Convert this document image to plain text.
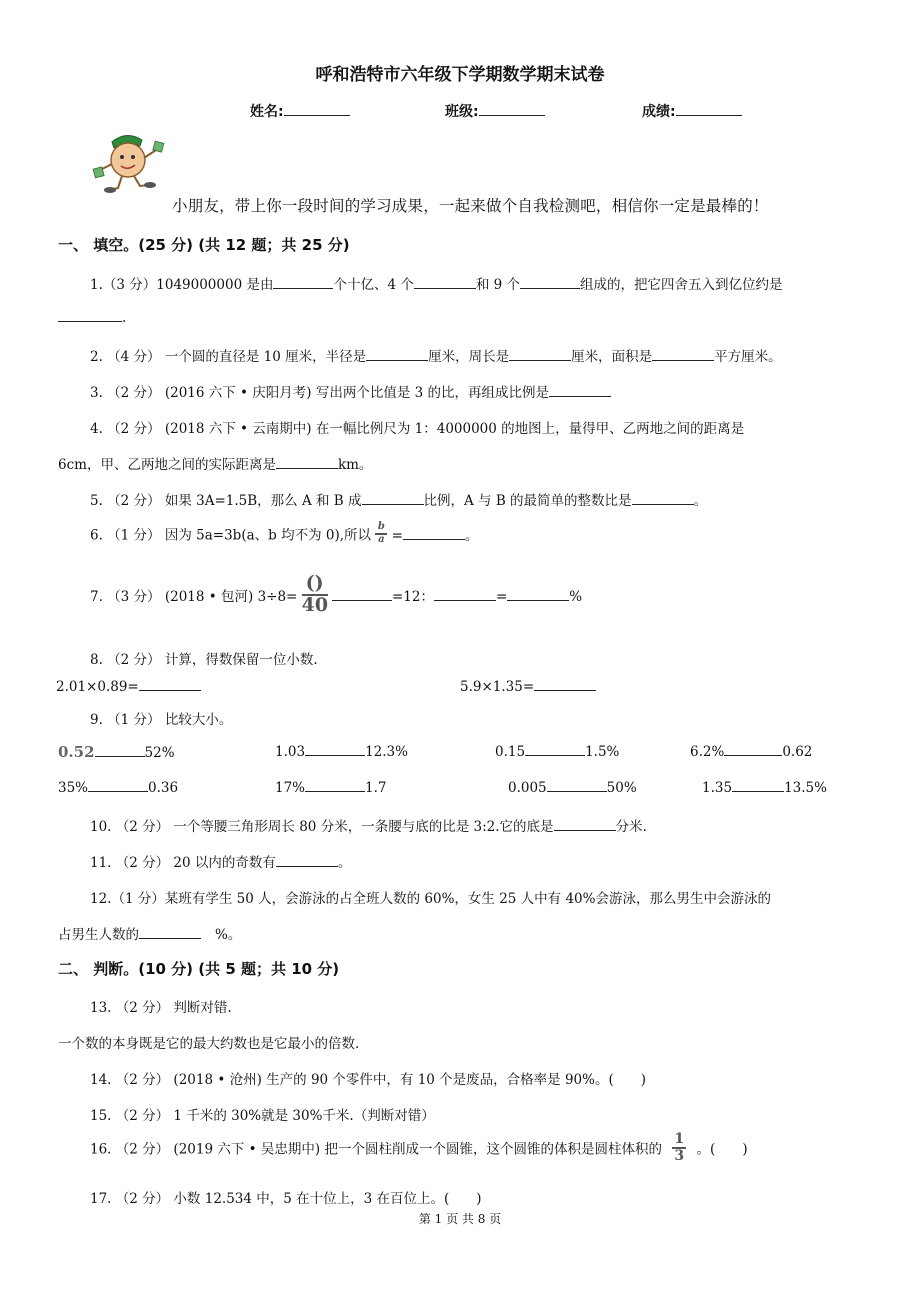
呼和浩特市六年级下学期数学期末试卷
姓名:	班级:	成绩:
小朋友，带上你一段时间的学习成果，一起来做个自我检测吧，相信你一定是最棒的！
一、 填空。(25 分) (共 12 题；共 25 分)
1.（3 分）1049000000 是由	个十亿、4 个	和 9 个	组成的，把它四舍五入到亿位约是
.
2. （4 分） 一个圆的直径是 10 厘米，半径是	厘米，周长是	厘米，面积是	平方厘米。
3. （2 分） (2016 六下 • 庆阳月考) 写出两个比值是 3 的比，再组成比例是
4. （2 分） (2018 六下 • 云南期中) 在一幅比例尺为 1：4000000 的地图上，量得甲、乙两地之间的距离是
6cm，甲、乙两地之间的实际距离是	km。
5. （2 分） 如果 3A=1.5B，那么 A 和 B 成	比例，A 与 B 的最简单的整数比是	。
6. （1 分） 因为 5a=3b(a、b 均不为 0),所以 $\frac{b}{a}$ =	。
7. （3 分） (2018 • 包河) $3\div 8= \frac{()}{40}$	=12：	=	%
8. （2 分） 计算，得数保留一位小数.
2.01×0.89=	5.9×1.35=
9. （1 分） 比较大小。
0.52	52%	1.03	12.3%	0.15	1.5%	6.2%	0.62
35%	0.36	17%	1.7	0.005	50%	1.35	13.5%
10. （2 分） 一个等腰三角形周长 80 分米，一条腰与底的比是 3:2.它的底是	分米.
11. （2 分） 20 以内的奇数有	。
12.（1 分）某班有学生 50 人，会游泳的占全班人数的 60%，女生 25 人中有 40%会游泳，那么男生中会游泳的
占男生人数的	%。
二、 判断。(10 分) (共 5 题；共 10 分)
13. （2 分） 判断对错.
一个数的本身既是它的最大约数也是它最小的倍数.
14. （2 分） (2018 • 沧州) 生产的 90 个零件中，有 10 个是废品，合格率是 90%。(　　)
15. （2 分） 1 千米的 30%就是 30%千米.（判断对错）
16. （2 分） (2019 六下 • 吴忠期中) 把一个圆柱削成一个圆锥，这个圆锥的体积是圆柱体积的 $\frac{1}{3}$ 。(　　)
17. （2 分） 小数 12.534 中，5 在十位上，3 在百位上。(　　)
第 1 页 共 8 页
